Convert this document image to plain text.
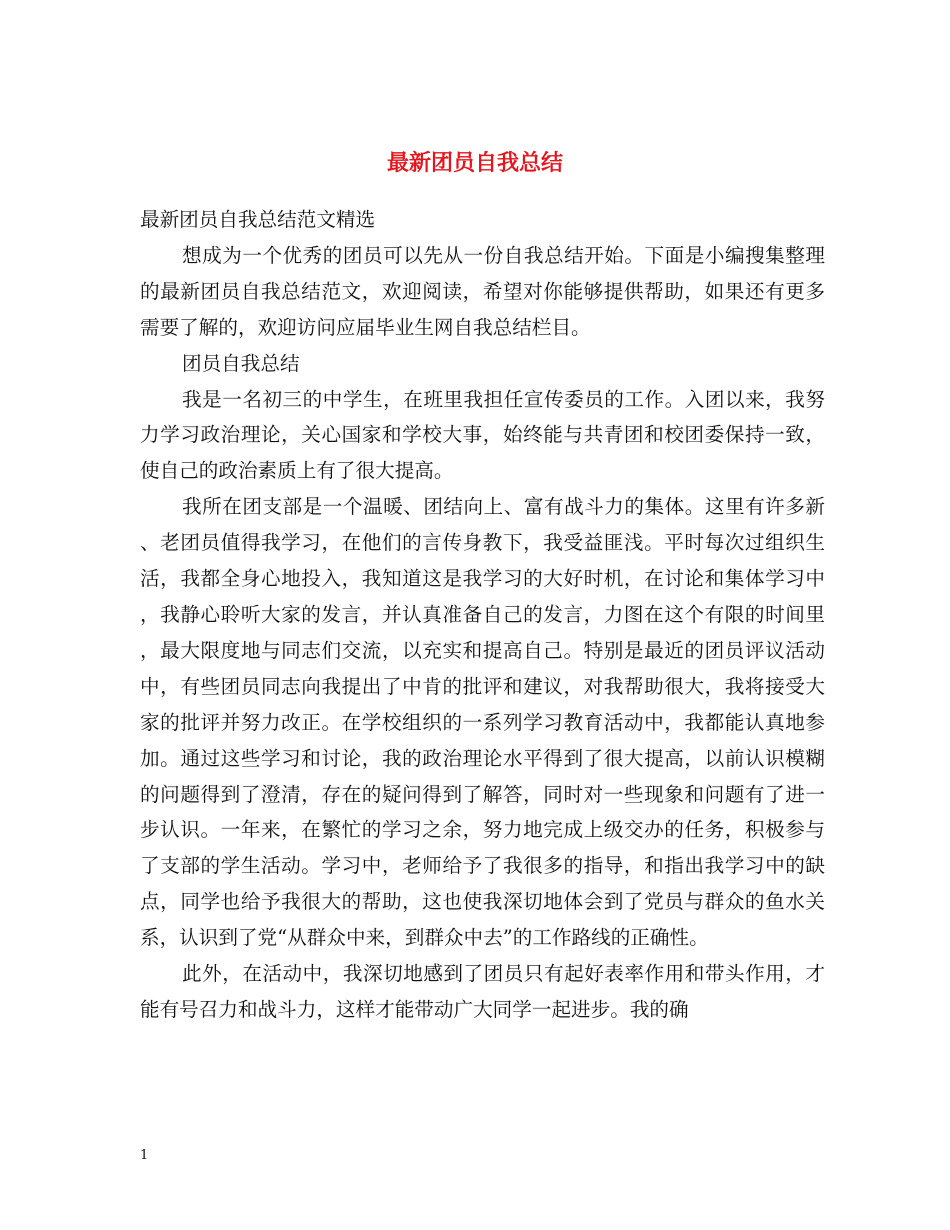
最新团员自我总结

最新团员自我总结范文精选

想成为一个优秀的团员可以先从一份自我总结开始。下面是小编搜集整理的最新团员自我总结范文，欢迎阅读，希望对你能够提供帮助，如果还有更多需要了解的，欢迎访问应届毕业生网自我总结栏目。

团员自我总结

我是一名初三的中学生，在班里我担任宣传委员的工作。入团以来，我努力学习政治理论，关心国家和学校大事，始终能与共青团和校团委保持一致，使自己的政治素质上有了很大提高。

我所在团支部是一个温暖、团结向上、富有战斗力的集体。这里有许多新、老团员值得我学习，在他们的言传身教下，我受益匪浅。平时每次过组织生活，我都全身心地投入，我知道这是我学习的大好时机，在讨论和集体学习中，我静心聆听大家的发言，并认真准备自己的发言，力图在这个有限的时间里，最大限度地与同志们交流，以充实和提高自己。特别是最近的团员评议活动中，有些团员同志向我提出了中肯的批评和建议，对我帮助很大，我将接受大家的批评并努力改正。在学校组织的一系列学习教育活动中，我都能认真地参加。通过这些学习和讨论，我的政治理论水平得到了很大提高，以前认识模糊的问题得到了澄清，存在的疑问得到了解答，同时对一些现象和问题有了进一步认识。一年来，在繁忙的学习之余，努力地完成上级交办的任务，积极参与了支部的学生活动。学习中，老师给予了我很多的指导，和指出我学习中的缺点，同学也给予我很大的帮助，这也使我深切地体会到了党员与群众的鱼水关系，认识到了党“从群众中来，到群众中去”的工作路线的正确性。

此外，在活动中，我深切地感到了团员只有起好表率作用和带头作用，才能有号召力和战斗力，这样才能带动广大同学一起进步。我的确

1
